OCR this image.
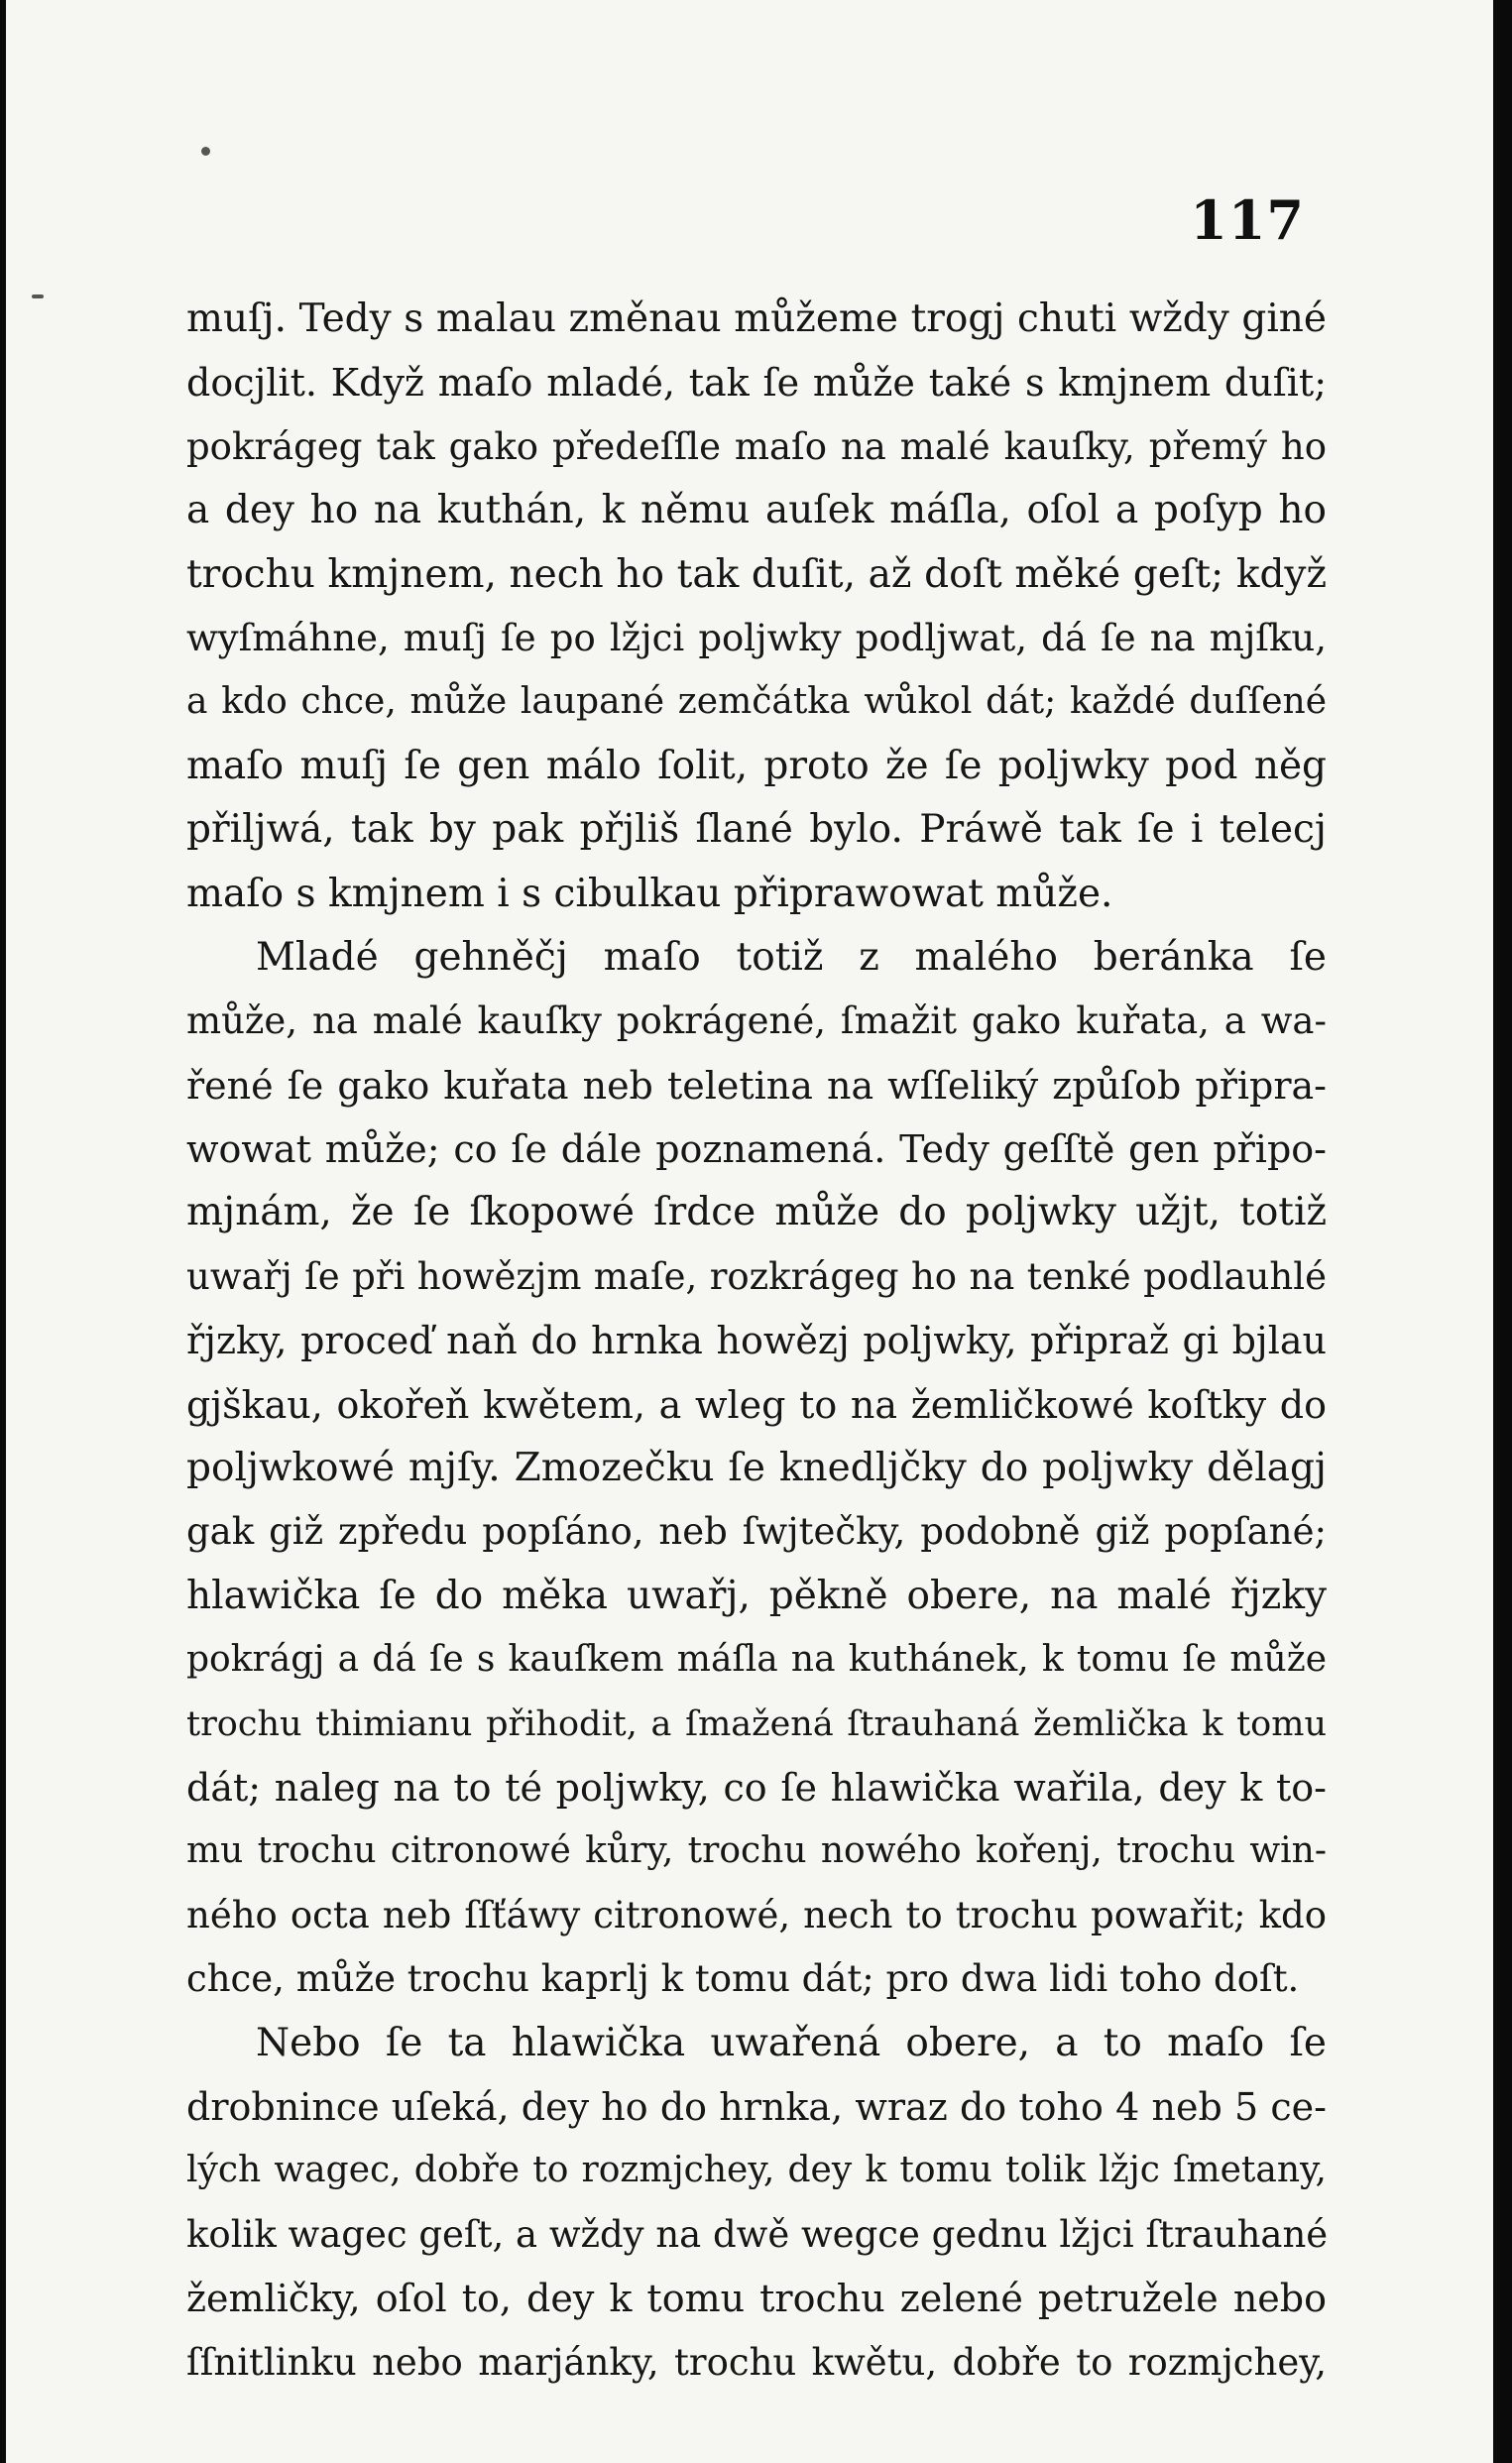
117
muſj. Tedy s malau změnau můžeme trogj chuti wždy giné
docjlit. Když maſo mladé, tak ſe může také s kmjnem duſit;
pokrágeg tak gako předeſſle maſo na malé kauſky, přemý ho
a dey ho na kuthán, k němu auſek máſla, oſol a poſyp ho
trochu kmjnem, nech ho tak duſit, až doſt měké geſt; když
wyſmáhne, muſj ſe po lžjci poljwky podljwat, dá ſe na mjſku,
a kdo chce, může laupané zemčátka wůkol dát; každé duſſené
maſo muſj ſe gen málo ſolit, proto že ſe poljwky pod něg
přiljwá, tak by pak přjliš ſlané bylo. Práwě tak ſe i telecj
maſo s kmjnem i s cibulkau připrawowat může.
Mladé gehněčj maſo totiž z malého beránka ſe
může, na malé kauſky pokrágené, ſmažit gako kuřata, a wa-
řené ſe gako kuřata neb teletina na wſſeliký způſob připra-
wowat může; co ſe dále poznamená. Tedy geſſtě gen připo-
mjnám, že ſe ſkopowé ſrdce může do poljwky užjt, totiž
uwařj ſe při howězjm maſe, rozkrágeg ho na tenké podlauhlé
řjzky, proceď naň do hrnka howězj poljwky, připraž gi bjlau
gjškau, okořeň kwětem, a wleg to na žemličkowé koſtky do
poljwkowé mjſy. Zmozečku ſe knedljčky do poljwky dělagj
gak giž zpředu popſáno, neb ſwjtečky, podobně giž popſané;
hlawička ſe do měka uwařj, pěkně obere, na malé řjzky
pokrágj a dá ſe s kauſkem máſla na kuthánek, k tomu ſe může
trochu thimianu přihodit, a ſmažená ſtrauhaná žemlička k tomu
dát; naleg na to té poljwky, co ſe hlawička wařila, dey k to-
mu trochu citronowé kůry, trochu nowého kořenj, trochu win-
ného octa neb ſſťáwy citronowé, nech to trochu powařit; kdo
chce, může trochu kaprlj k tomu dát; pro dwa lidi toho doſt.
Nebo ſe ta hlawička uwařená obere, a to maſo ſe
drobnince uſeká, dey ho do hrnka, wraz do toho 4 neb 5 ce-
lých wagec, dobře to rozmjchey, dey k tomu tolik lžjc ſmetany,
kolik wagec geſt, a wždy na dwě wegce gednu lžjci ſtrauhané
žemličky, oſol to, dey k tomu trochu zelené petružele nebo
ſſnitlinku nebo marjánky, trochu kwětu, dobře to rozmjchey,
